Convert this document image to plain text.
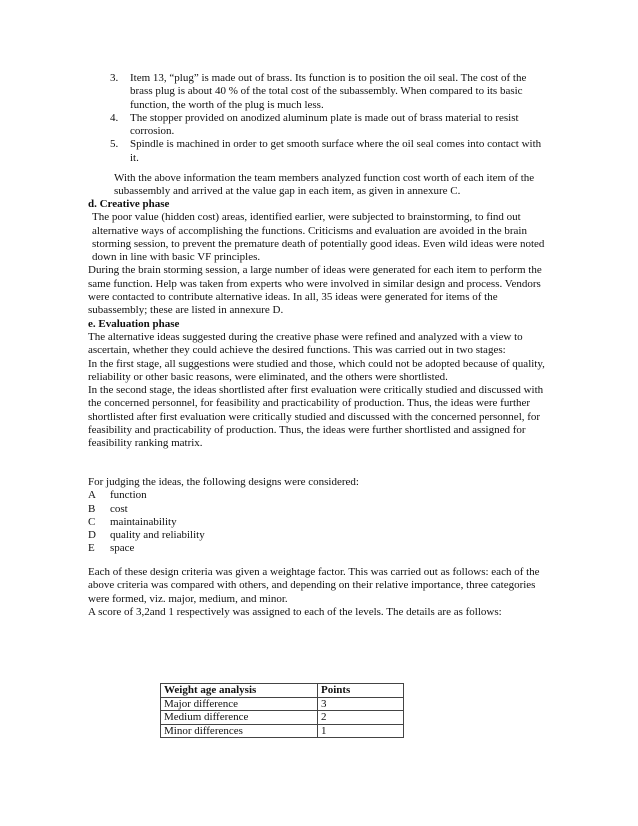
3. Item 13, “plug” is made out of brass. Its function is to position the oil seal. The cost of the brass plug is about 40 % of the total cost of the subassembly. When compared to its basic function, the worth of the plug is much less.
4. The stopper provided on anodized aluminum plate is made out of brass material to resist corrosion.
5. Spindle is machined in order to get smooth surface where the oil seal comes into contact with it.
With the above information the team members analyzed function cost worth of each item of the subassembly and arrived at the value gap in each item, as given in annexure C.
d. Creative phase
The poor value (hidden cost) areas, identified earlier, were subjected to brainstorming, to find out alternative ways of accomplishing the functions. Criticisms and evaluation are avoided in the brain storming session, to prevent the premature death of potentially good ideas. Even wild ideas were noted down in line with basic VF principles.
During the brain storming session, a large number of ideas were generated for each item to perform the same function. Help was taken from experts who were involved in similar design and process. Vendors were contacted to contribute alternative ideas. In all, 35 ideas were generated for items of the subassembly; these are listed in annexure D.
e. Evaluation phase
The alternative ideas suggested during the creative phase were refined and analyzed with a view to ascertain, whether they could achieve the desired functions. This was carried out in two stages:
In the first stage, all suggestions were studied and those, which could not be adopted because of quality, reliability or other basic reasons, were eliminated, and the others were shortlisted.
In the second stage, the ideas shortlisted after first evaluation were critically studied and discussed with the concerned personnel, for feasibility and practicability of production. Thus, the ideas were further shortlisted after first evaluation were critically studied and discussed with the concerned personnel, for feasibility and practicability of production. Thus, the ideas were further shortlisted and assigned for feasibility ranking matrix.
For judging the ideas, the following designs were considered:
A	function
B	cost
C	maintainability
D	quality and reliability
E	space
Each of these design criteria was given a weightage factor. This was carried out as follows: each of the above criteria was compared with others, and depending on their relative importance, three categories were formed, viz. major, medium, and minor.
A score of 3,2and 1 respectively was assigned to each of the levels. The details are as follows:
Weight age analysis	Points
Major difference	3
Medium difference	2
Minor differences	1
